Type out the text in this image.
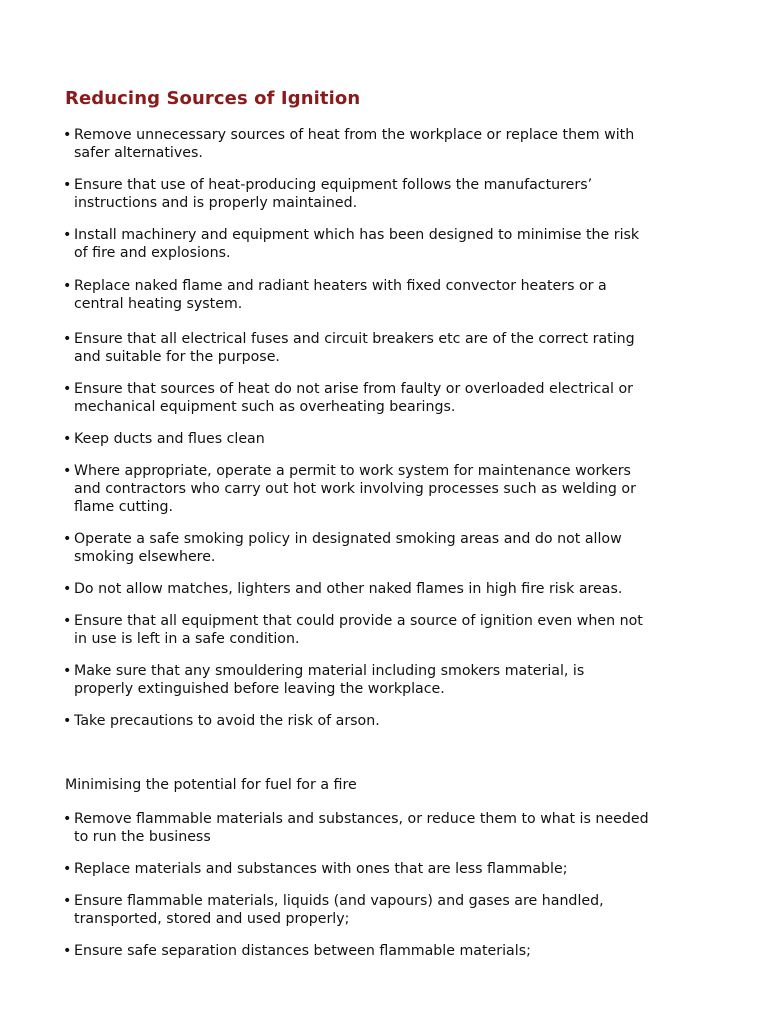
Reducing Sources of Ignition
• Remove unnecessary sources of heat from the workplace or replace them with
safer alternatives.
• Ensure that use of heat-producing equipment follows the manufacturers’
instructions and is properly maintained.
• Install machinery and equipment which has been designed to minimise the risk
of fire and explosions.
• Replace naked flame and radiant heaters with fixed convector heaters or a
central heating system.
• Ensure that all electrical fuses and circuit breakers etc are of the correct rating
and suitable for the purpose.
• Ensure that sources of heat do not arise from faulty or overloaded electrical or
mechanical equipment such as overheating bearings.
• Keep ducts and flues clean
• Where appropriate, operate a permit to work system for maintenance workers
and contractors who carry out hot work involving processes such as welding or
flame cutting.
• Operate a safe smoking policy in designated smoking areas and do not allow
smoking elsewhere.
• Do not allow matches, lighters and other naked flames in high fire risk areas.
• Ensure that all equipment that could provide a source of ignition even when not
in use is left in a safe condition.
• Make sure that any smouldering material including smokers material, is
properly extinguished before leaving the workplace.
• Take precautions to avoid the risk of arson.
Minimising the potential for fuel for a fire
• Remove flammable materials and substances, or reduce them to what is needed
to run the business
• Replace materials and substances with ones that are less flammable;
• Ensure flammable materials, liquids (and vapours) and gases are handled,
transported, stored and used properly;
• Ensure safe separation distances between flammable materials;
